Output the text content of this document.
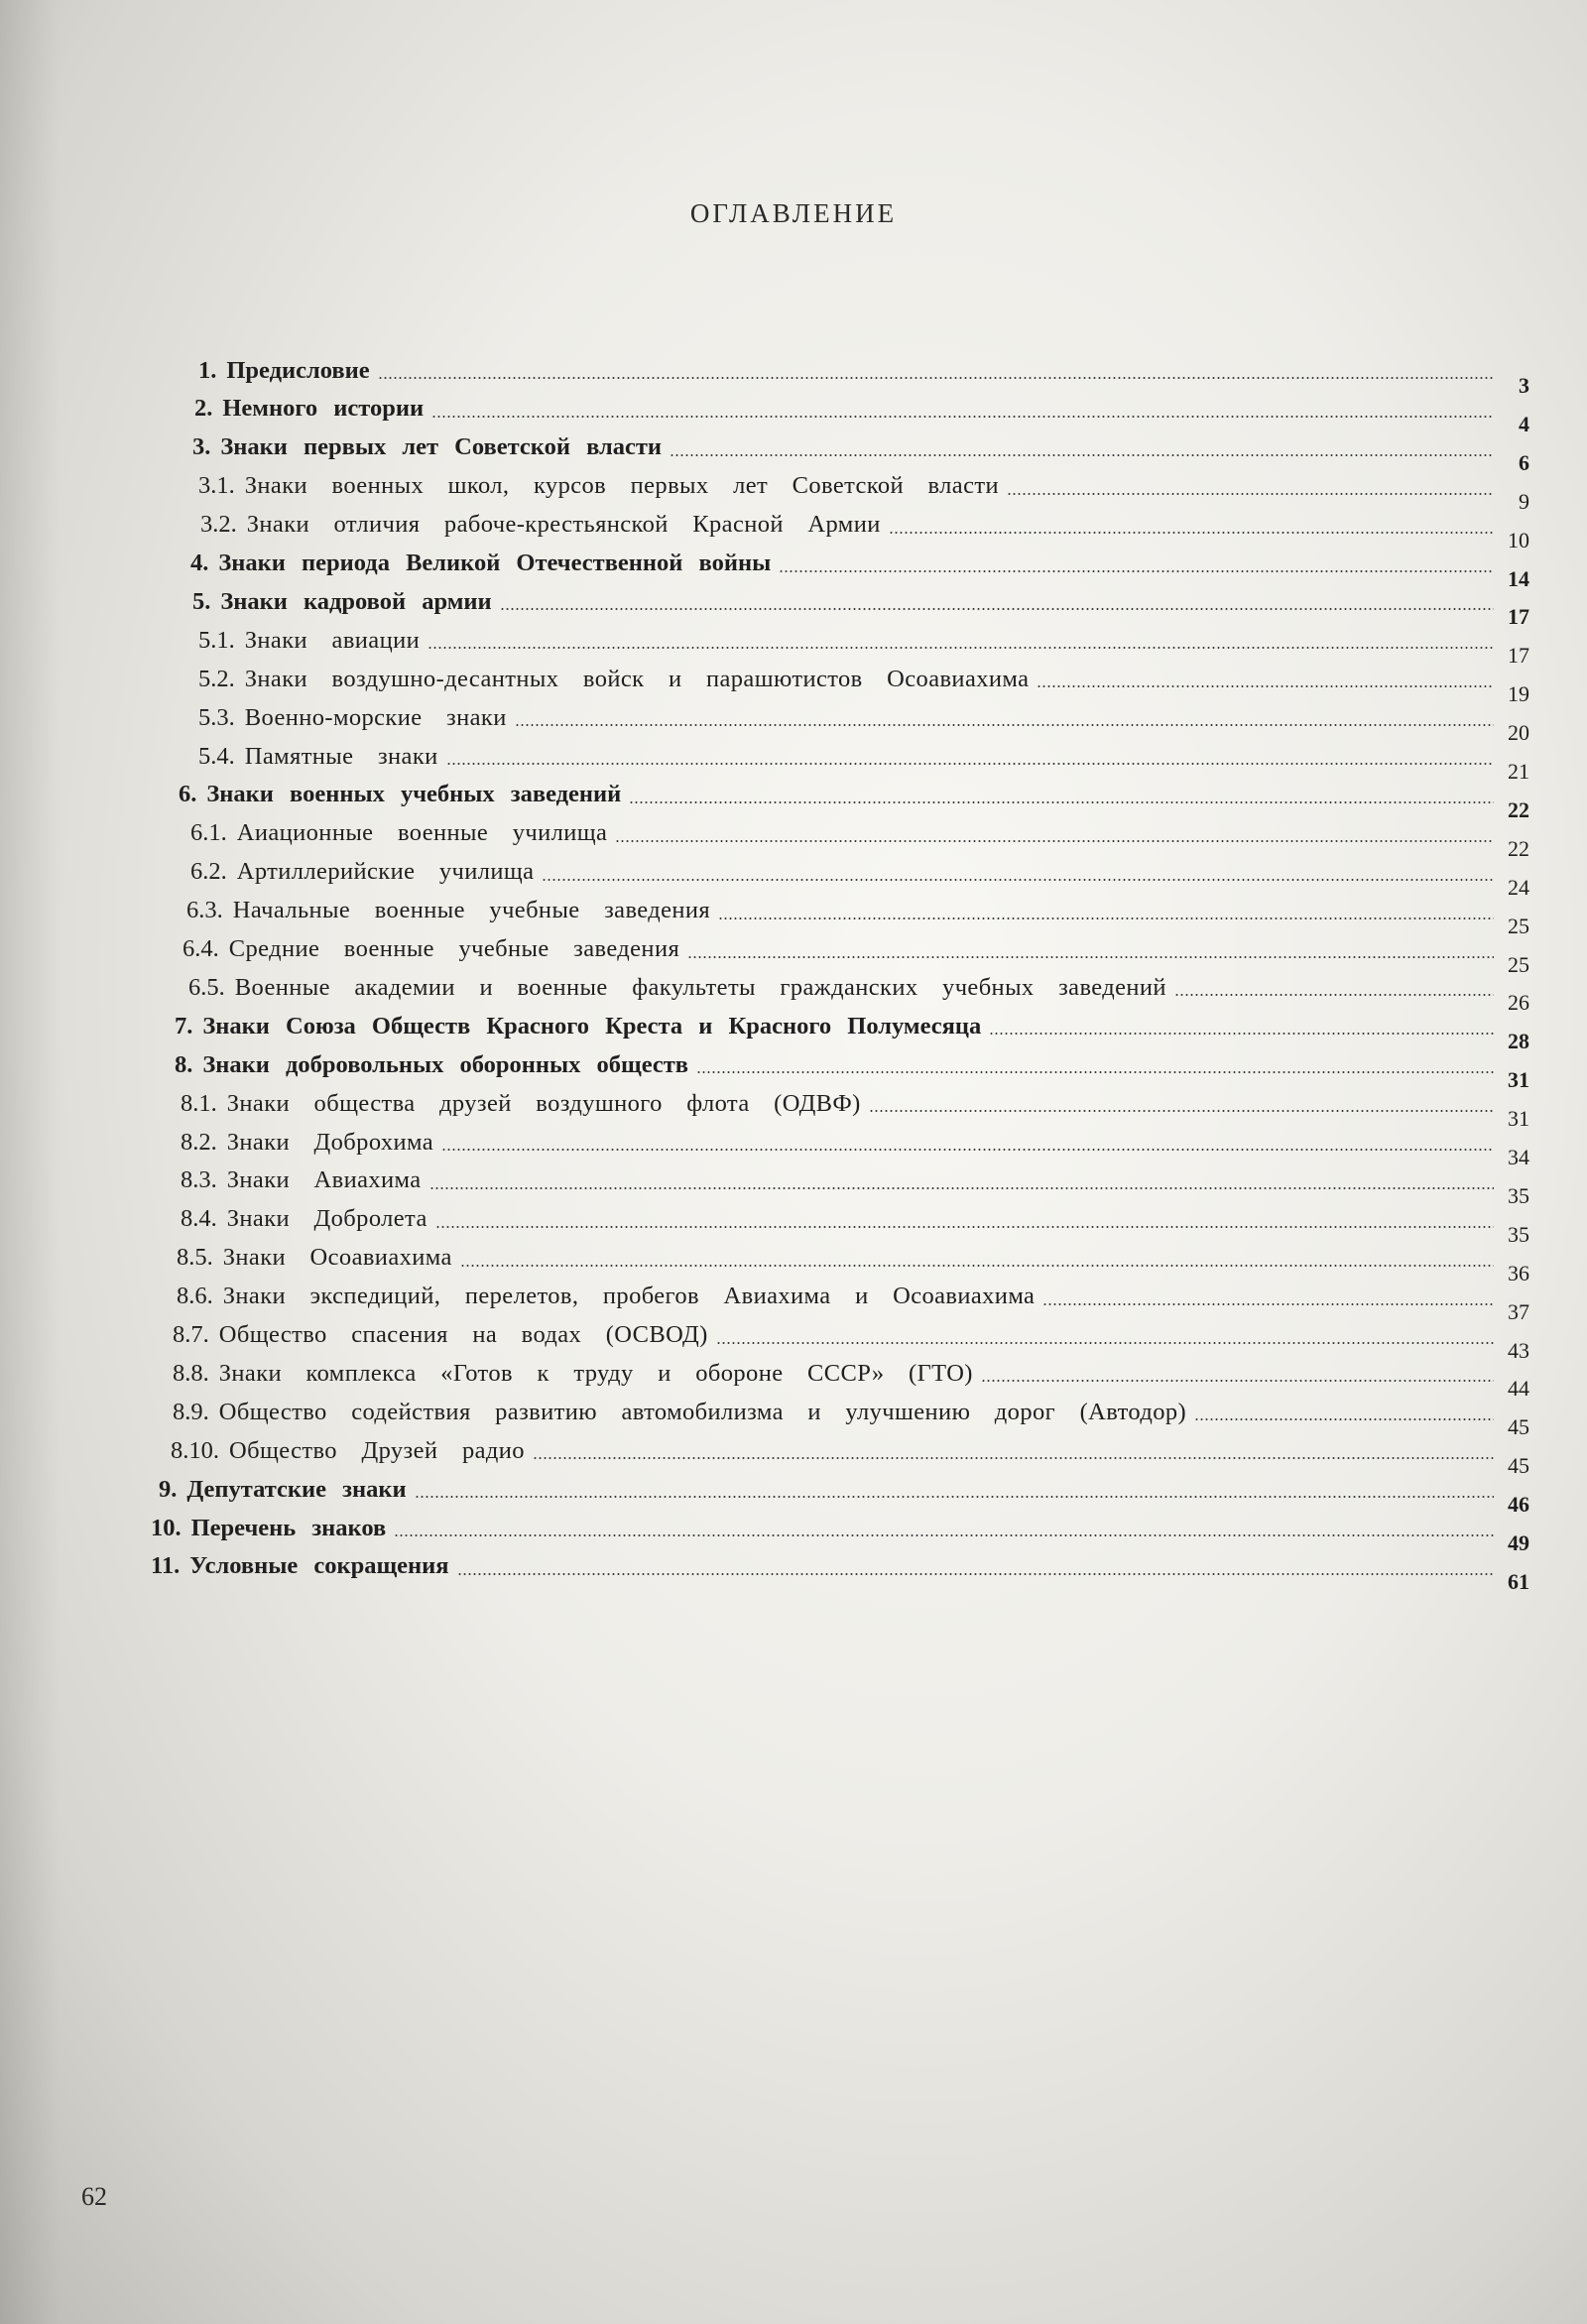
ОГЛАВЛЕНИЕ
1. Предисловие
3
2. Немного истории
4
3. Знаки первых лет Советской власти
6
3.1. Знаки военных школ, курсов первых лет Советской власти
9
3.2. Знаки отличия рабоче-крестьянской Красной Армии
10
4. Знаки периода Великой Отечественной войны
14
5. Знаки кадровой армии
17
5.1. Знаки авиации
17
5.2. Знаки воздушно-десантных войск и парашютистов Осоавиахима
19
5.3. Военно-морские знаки
20
5.4. Памятные знаки
21
6. Знаки военных учебных заведений
22
6.1. Аиационные военные училища
22
6.2. Артиллерийские училища
24
6.3. Начальные военные учебные заведения
25
6.4. Средние военные учебные заведения
25
6.5. Военные академии и военные факультеты гражданских учебных заведений
26
7. Знаки Союза Обществ Красного Креста и Красного Полумесяца
28
8. Знаки добровольных оборонных обществ
31
8.1. Знаки общества друзей воздушного флота (ОДВФ)
31
8.2. Знаки Доброхима
34
8.3. Знаки Авиахима
35
8.4. Знаки Добролета
35
8.5. Знаки Осоавиахима
36
8.6. Знаки экспедиций, перелетов, пробегов Авиахима и Осоавиахима
37
8.7. Общество спасения на водах (ОСВОД)
43
8.8. Знаки комплекса «Готов к труду и обороне СССР» (ГТО)
44
8.9. Общество содействия развитию автомобилизма и улучшению дорог (Автодор)
45
8.10. Общество Друзей радио
45
9. Депутатские знаки
46
10. Перечень знаков
49
11. Условные сокращения
61
62
